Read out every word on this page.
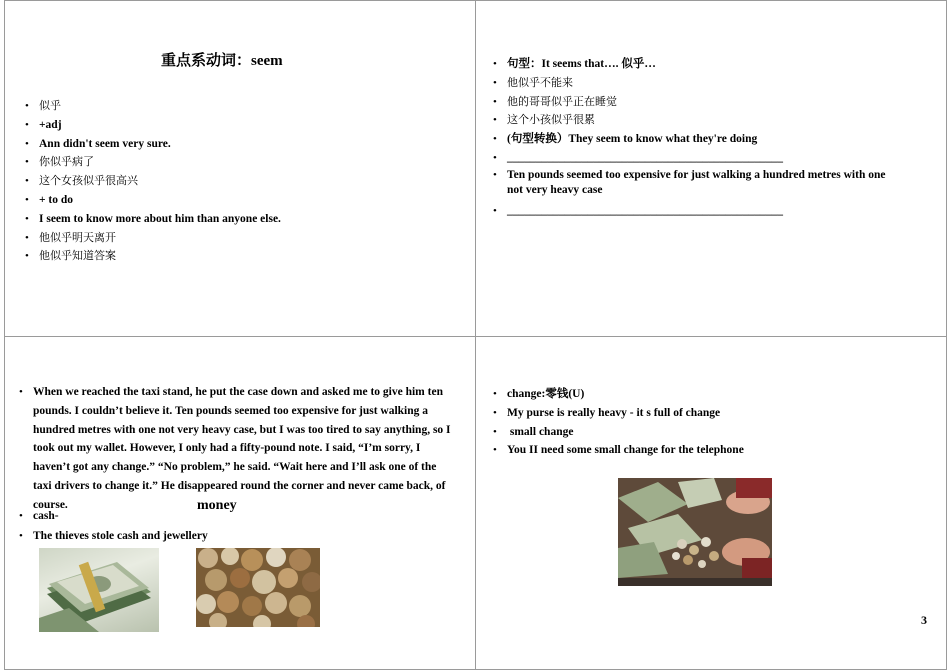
重点系动词：seem
• 似乎
• +adj
• Ann didn't seem very sure.
• 你似乎病了
• 这个女孩似乎很高兴
• + to do
• I seem to know more about him than anyone else.
• 他似乎明天离开
• 他似乎知道答案
• 句型：It seems that…. 似乎…
• 他似乎不能来
• 他的哥哥似乎正在睡觉
• 这个小孩似乎很累
• (句型转换）They seem to know what they're doing
• ________________________________________________
• Ten pounds seemed too expensive for just walking a hundred metres with one not very heavy case
• ________________________________________________
• When we reached the taxi stand, he put the case down and asked me to give him ten pounds. I couldn’t believe it. Ten pounds seemed too expensive for just walking a hundred metres with one not very heavy case, but I was too tired to say anything, so I took out my wallet. However, I only had a fifty-pound note. I said, “I’m sorry, I haven’t got any change.” “No problem,” he said. “Wait here and I’ll ask one of the taxi drivers to change it.” He disappeared round the corner and never came back, of course.	money
• cash-
• The thieves stole cash and jewellery
• change:零钱(U)
• My purse is really heavy - it s full of change
•  small change
• You II need some small change for the telephone
3
